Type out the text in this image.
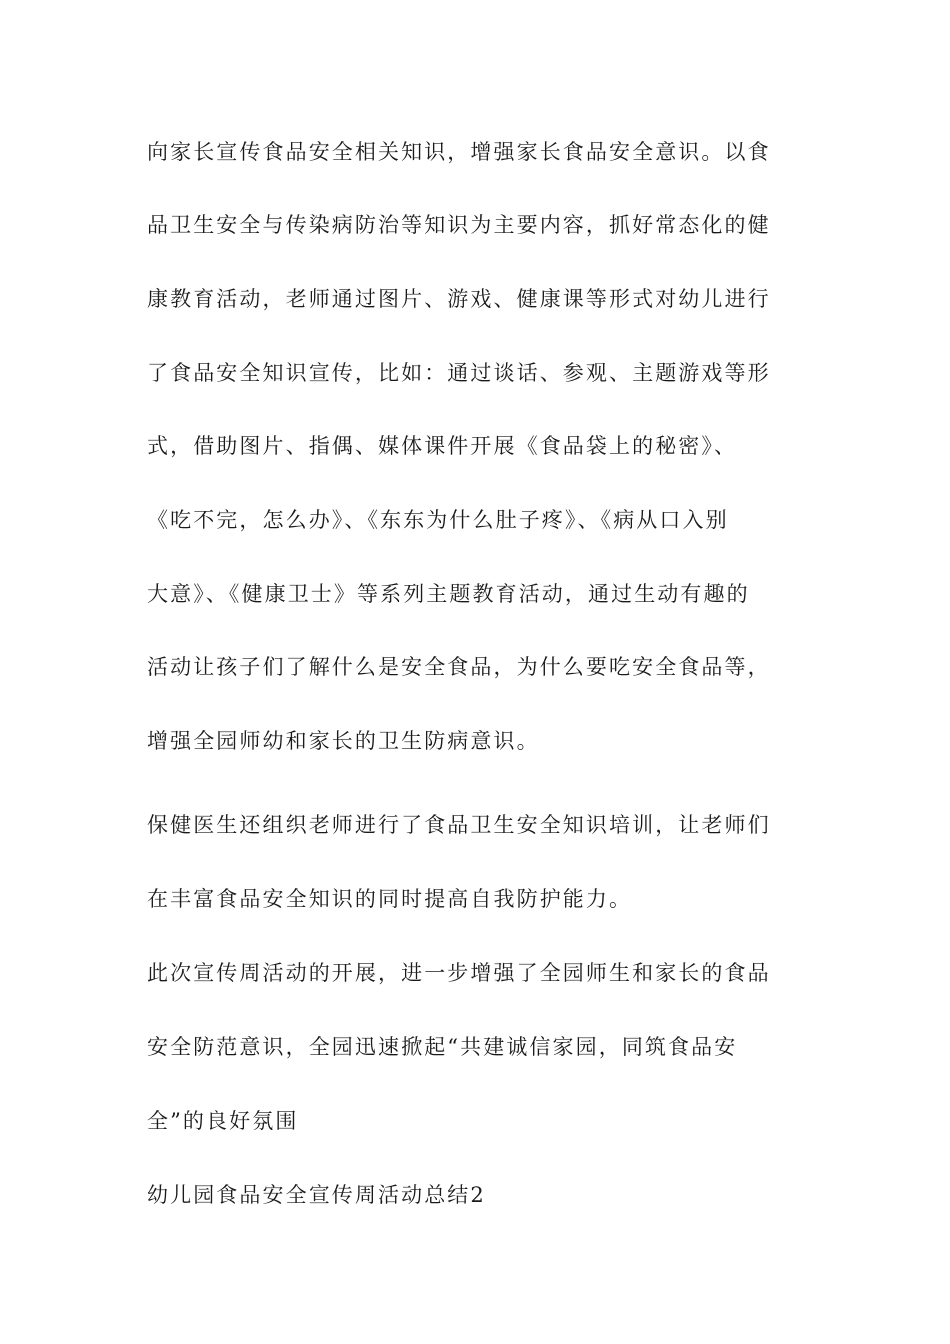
向家长宣传食品安全相关知识，增强家长食品安全意识。以食
品卫生安全与传染病防治等知识为主要内容，抓好常态化的健
康教育活动，老师通过图片、游戏、健康课等形式对幼儿进行
了食品安全知识宣传，比如：通过谈话、参观、主题游戏等形
式，借助图片、指偶、媒体课件开展《食品袋上的秘密》、
《吃不完，怎么办》、《东东为什么肚子疼》、《病从口入别
大意》、《健康卫士》等系列主题教育活动，通过生动有趣的
活动让孩子们了解什么是安全食品，为什么要吃安全食品等，
增强全园师幼和家长的卫生防病意识。
保健医生还组织老师进行了食品卫生安全知识培训，让老师们
在丰富食品安全知识的同时提高自我防护能力。
此次宣传周活动的开展，进一步增强了全园师生和家长的食品
安全防范意识，全园迅速掀起“共建诚信家园，同筑食品安
全”的良好氛围
幼儿园食品安全宣传周活动总结2
